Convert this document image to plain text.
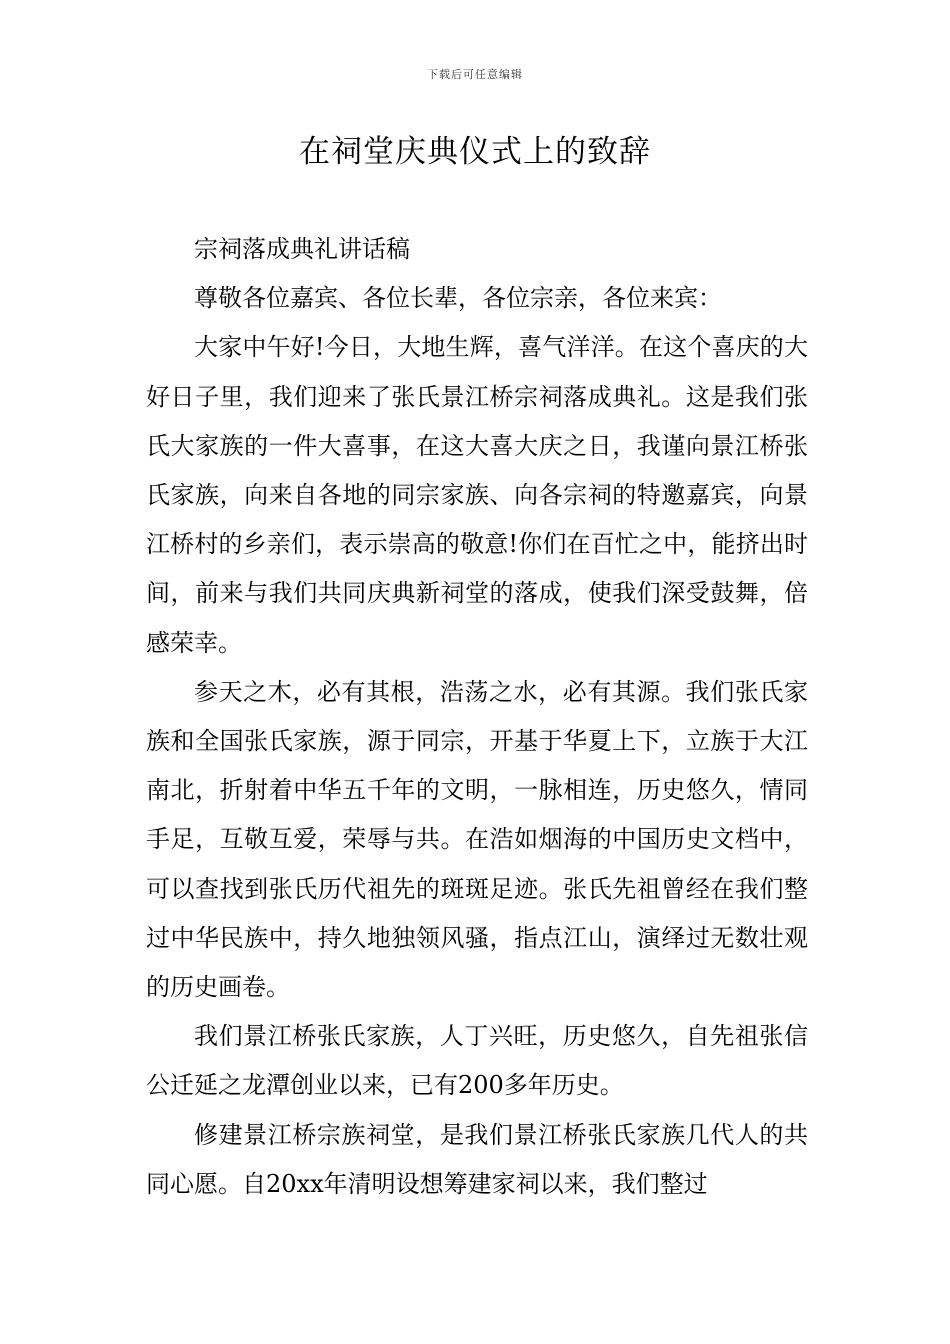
下载后可任意编辑
在祠堂庆典仪式上的致辞

宗祠落成典礼讲话稿

尊敬各位嘉宾、各位长辈，各位宗亲，各位来宾：

大家中午好!今日，大地生辉，喜气洋洋。在这个喜庆的大好日子里，我们迎来了张氏景江桥宗祠落成典礼。这是我们张氏大家族的一件大喜事，在这大喜大庆之日，我谨向景江桥张氏家族，向来自各地的同宗家族、向各宗祠的特邀嘉宾，向景江桥村的乡亲们，表示崇高的敬意!你们在百忙之中，能挤出时间，前来与我们共同庆典新祠堂的落成，使我们深受鼓舞，倍感荣幸。

参天之木，必有其根，浩荡之水，必有其源。我们张氏家族和全国张氏家族，源于同宗，开基于华夏上下，立族于大江南北，折射着中华五千年的文明，一脉相连，历史悠久，情同手足，互敬互爱，荣辱与共。在浩如烟海的中国历史文档中，可以查找到张氏历代祖先的斑斑足迹。张氏先祖曾经在我们整过中华民族中，持久地独领风骚，指点江山，演绎过无数壮观的历史画卷。

我们景江桥张氏家族，人丁兴旺，历史悠久，自先祖张信公迁延之龙潭创业以来，已有200多年历史。

修建景江桥宗族祠堂，是我们景江桥张氏家族几代人的共同心愿。自20xx年清明设想筹建家祠以来，我们整过
